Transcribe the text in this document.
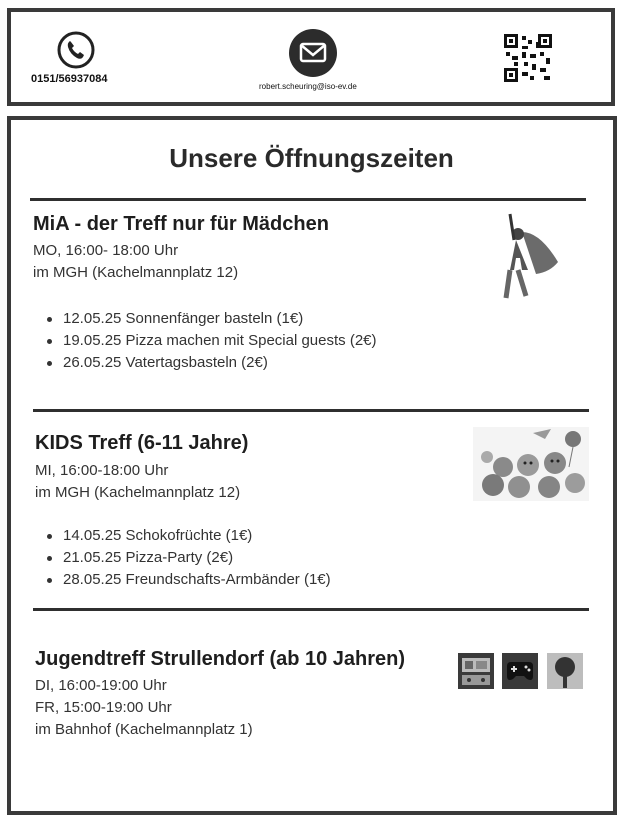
0151/56937084
robert.scheuring@iso-ev.de
Unsere Öffnungszeiten
MiA - der Treff nur für Mädchen
MO, 16:00- 18:00 Uhr
im MGH (Kachelmannplatz 12)
12.05.25 Sonnenfänger basteln (1€)
19.05.25 Pizza machen mit Special guests (2€)
26.05.25 Vatertagsbasteln (2€)
KIDS Treff (6-11 Jahre)
MI, 16:00-18:00 Uhr
im MGH (Kachelmannplatz 12)
14.05.25 Schokofrüchte (1€)
21.05.25 Pizza-Party (2€)
28.05.25 Freundschafts-Armbänder (1€)
Jugendtreff Strullendorf (ab 10 Jahren)
DI, 16:00-19:00 Uhr
FR, 15:00-19:00 Uhr
im Bahnhof (Kachelmannplatz 1)
